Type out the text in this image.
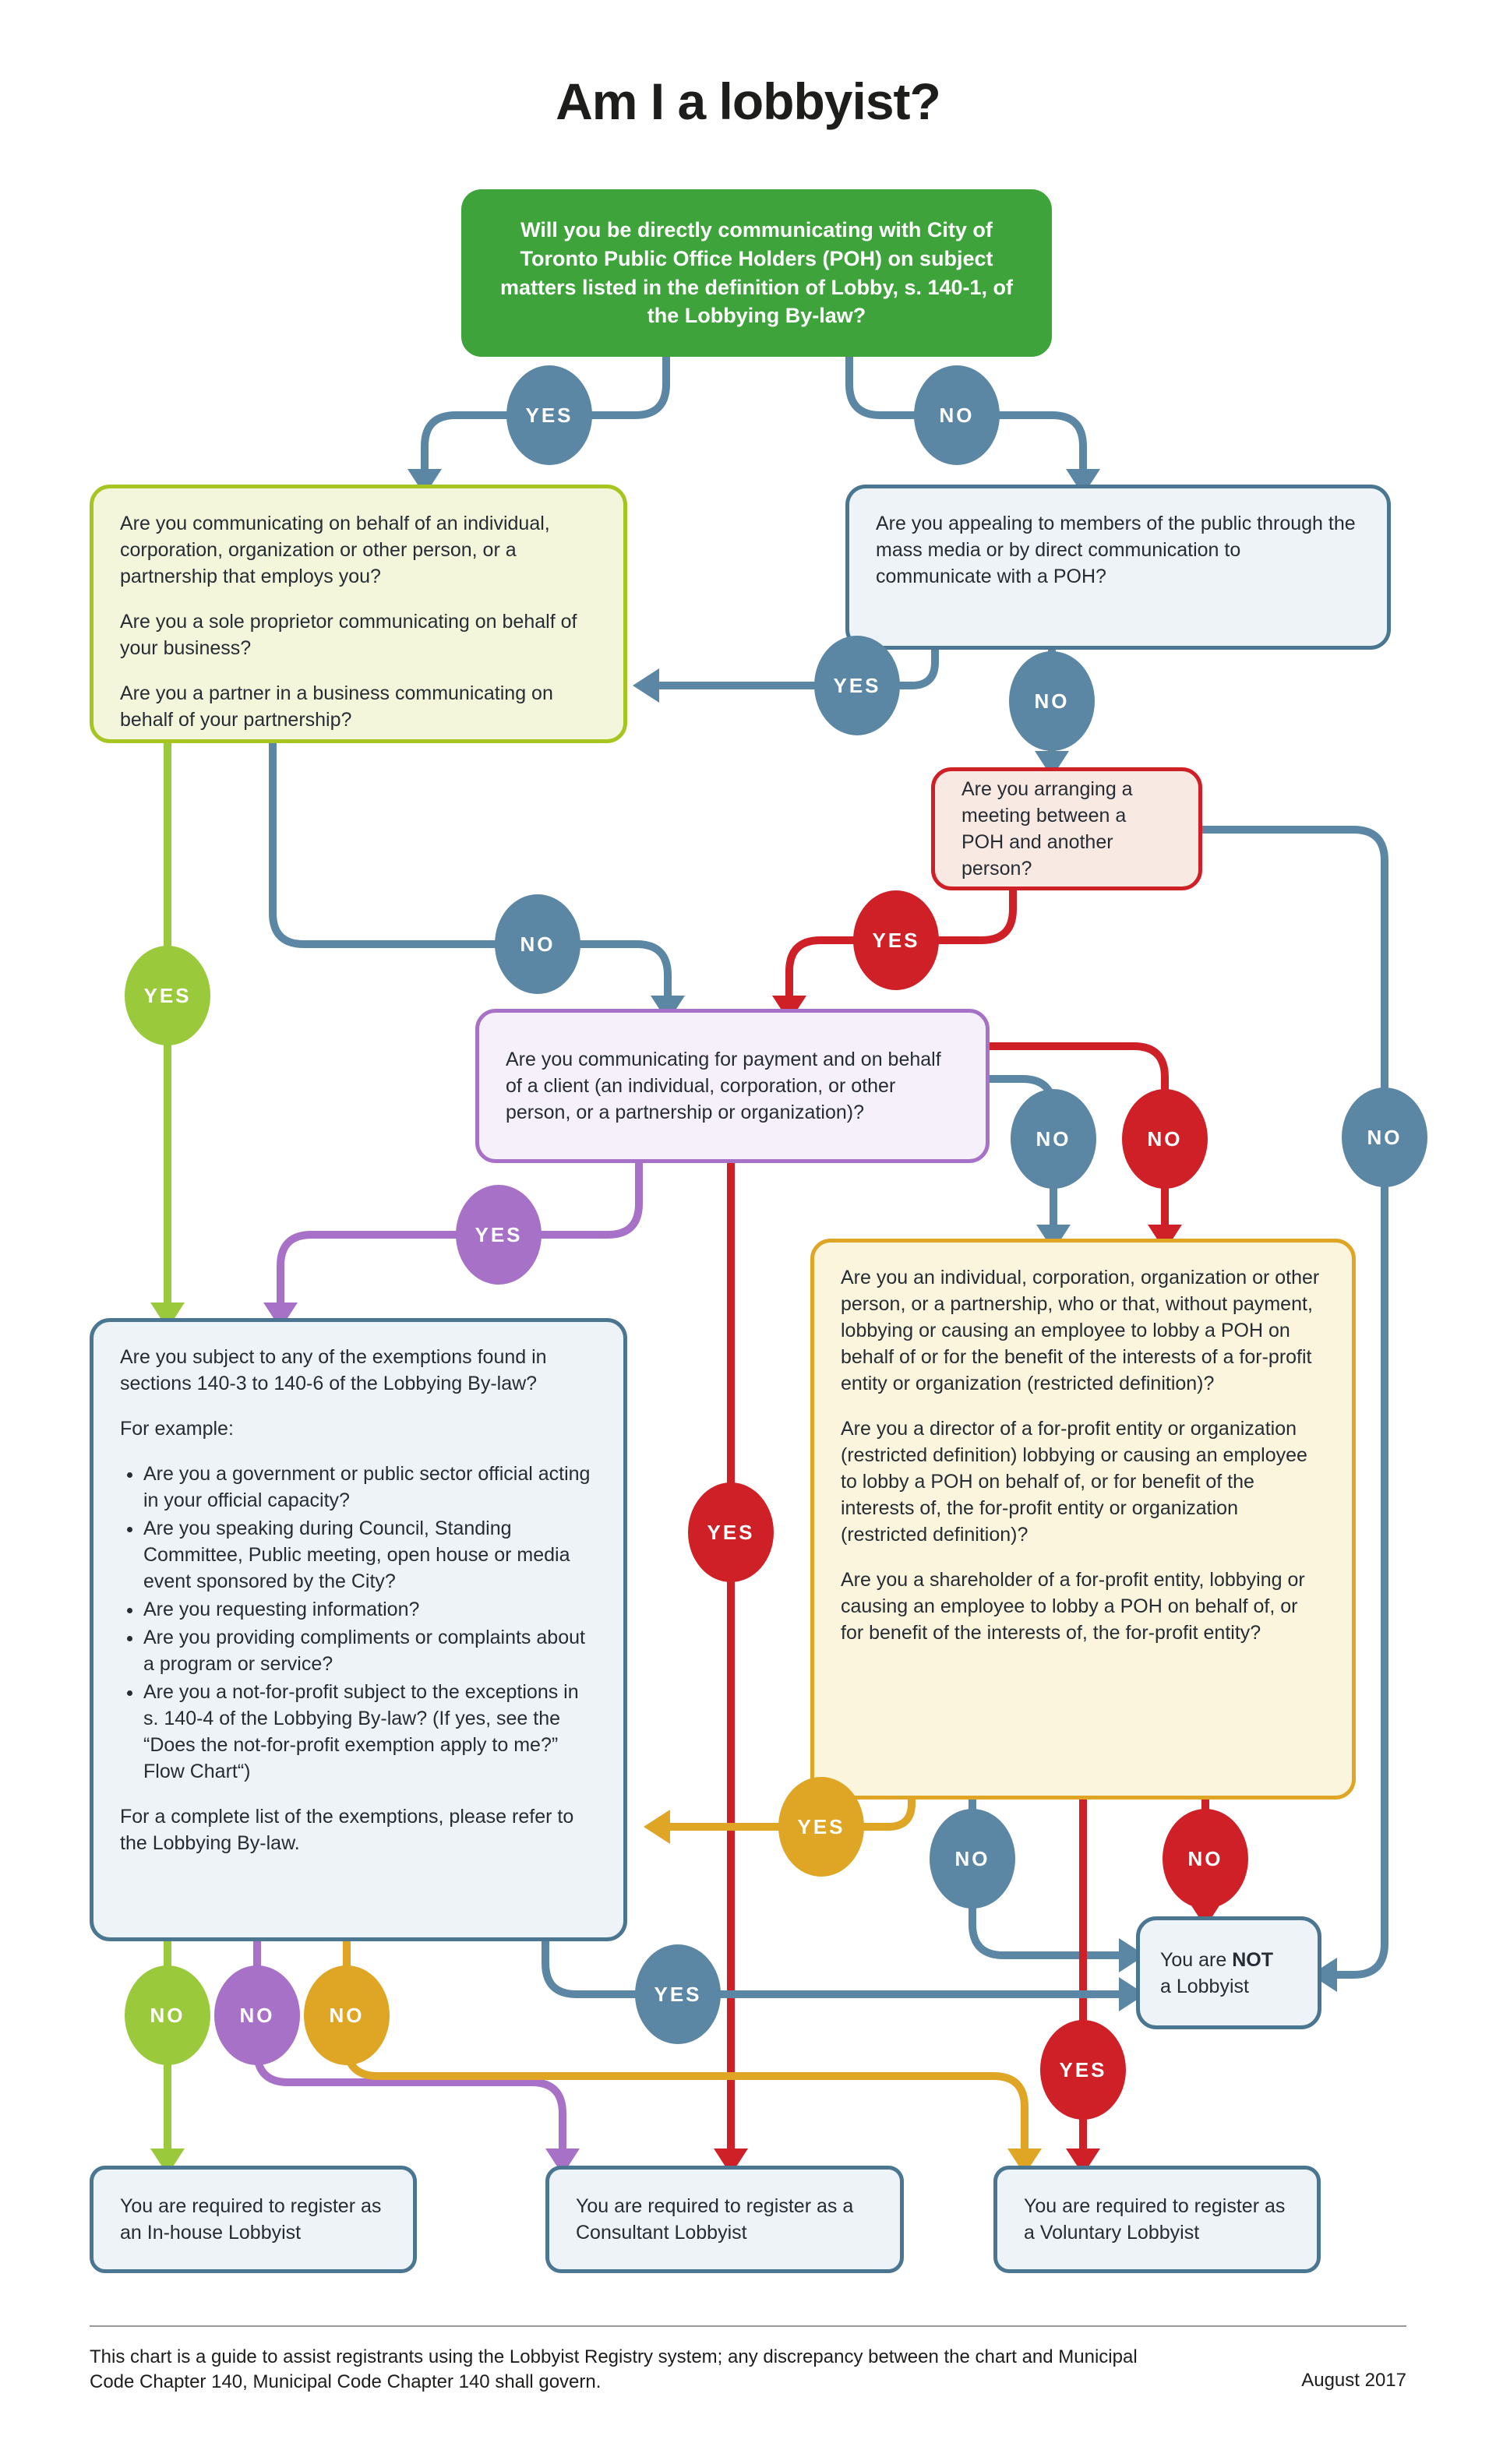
Am I a lobbyist?
Will you be directly communicating with City of Toronto Public Office Holders (POH) on subject matters listed in the definition of Lobby, s. 140-1, of the Lobbying By-law?

Are you communicating on behalf of an individual, corporation, organization or other person, or a partnership that employs you?

Are you a sole proprietor communicating on behalf of your business?

Are you a partner in a business communicating on behalf of your partnership?

Are you appealing to members of the public through the mass media or by direct communication to communicate with a POH?
Are you arranging a meeting between a POH and another person?
Are you communicating for payment and on behalf of a client (an individual, corporation, or other person, or a partnership or organization)?

Are you subject to any of the exemptions found in sections 140-3 to 140-6 of the Lobbying By-law?

For example:

• Are you a government or public sector official acting in your official capacity?
• Are you speaking during Council, Standing Committee, Public meeting, open house or media event sponsored by the City?
• Are you requesting information?
• Are you providing compliments or complaints about a program or service?
• Are you a not-for-profit subject to the exceptions in s. 140-4 of the Lobbying By-law? (If yes, see the “Does the not-for-profit exemption apply to me?” Flow Chart“)

For a complete list of the exemptions, please refer to the Lobbying By-law.

Are you an individual, corporation, organization or other person, or a partnership, who or that, without payment, lobbying or causing an employee to lobby a POH on behalf of or for the benefit of the interests of a for-profit entity or organization (restricted definition)?

Are you a director of a for-profit entity or organization (restricted definition) lobbying or causing an employee to lobby a POH on behalf of, or for benefit of the interests of, the for-profit entity or organization (restricted definition)?

Are you a shareholder of a for-profit entity, lobbying or causing an employee to lobby a POH on behalf of, or for benefit of the interests of, the for-profit entity?

You are NOT
a Lobbyist
You are required to register as an In-house Lobbyist
You are required to register as a Consultant Lobbyist
You are required to register as a Voluntary Lobbyist
YES	NO
YES
NO
NO	YES
YES
YES
NO	NO	NO
YES
YES
NO	NO
YES
NO	NO	NO
YES
This chart is a guide to assist registrants using the Lobbyist Registry system; any discrepancy between the chart and Municipal Code Chapter 140, Municipal Code Chapter 140 shall govern.	August 2017
